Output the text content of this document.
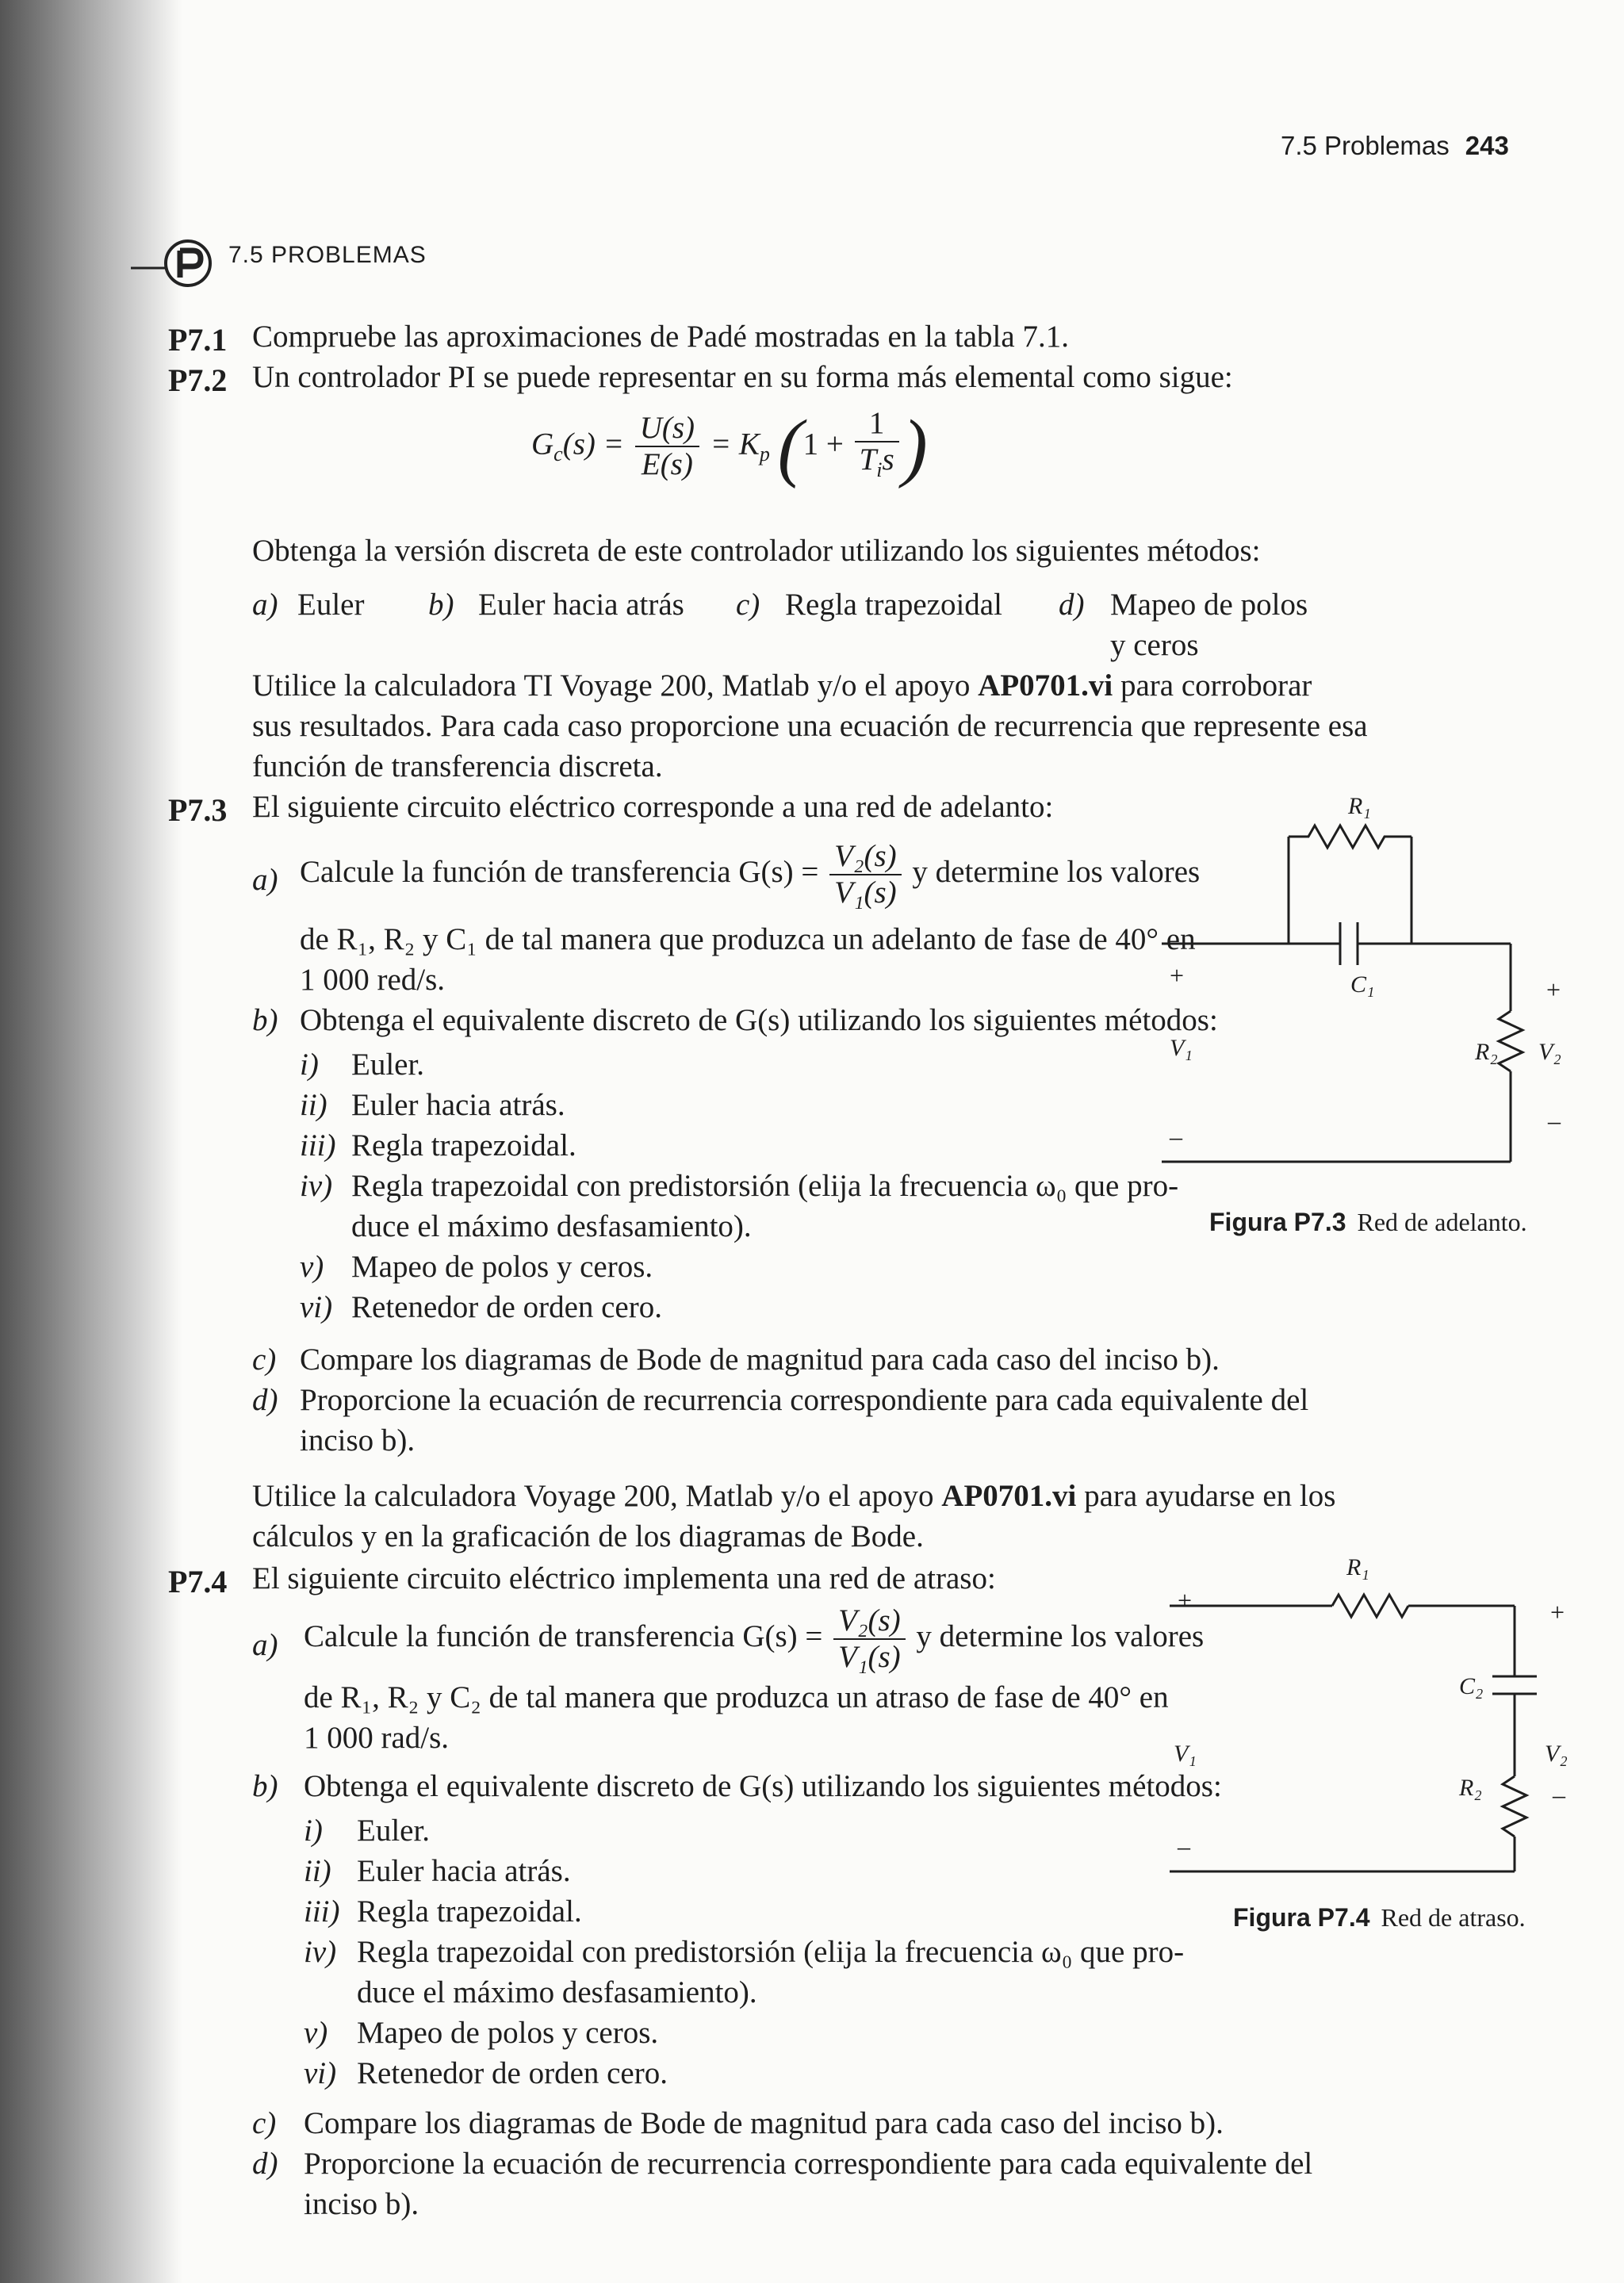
7.5 Problemas 243
7.5 PROBLEMAS
P7.1 Compruebe las aproximaciones de Padé mostradas en la tabla 7.1.
P7.2 Un controlador PI se puede representar en su forma más elemental como sigue:
$G_c(s) = \frac{U(s)}{E(s)} = K_p$ ($1 + \frac{1}{T_is}$ )
Obtenga la versión discreta de este controlador utilizando los siguientes métodos:
a) Euler b) Euler hacia atrás c) Regla trapezoidal d) Mapeo de polos
y ceros
Utilice la calculadora TI Voyage 200, Matlab y/o el apoyo AP0701.vi para corroborar
sus resultados. Para cada caso proporcione una ecuación de recurrencia que represente esa
función de transferencia discreta.
P7.3 El siguiente circuito eléctrico corresponde a una red de adelanto:
a) Calcule la función de transferencia $G(s) = \frac{\text{V₂(s)}}{\text{V₁(s)}}$ y determine los valores
de R₁, R₂ y C₁ de tal manera que produzca un adelanto de fase de 40° en
1 000 red/s.
b) Obtenga el equivalente discreto de G(s) utilizando los siguientes métodos:
i) Euler.
ii) Euler hacia atrás.
iii) Regla trapezoidal.
iv) Regla trapezoidal con predistorsión (elija la frecuencia ω₀ que pro-
duce el máximo desfasamiento).
v) Mapeo de polos y ceros.
vi) Retenedor de orden cero.
c) Compare los diagramas de Bode de magnitud para cada caso del inciso b).
d) Proporcione la ecuación de recurrencia correspondiente para cada equivalente del
inciso b).
Utilice la calculadora Voyage 200, Matlab y/o el apoyo AP0701.vi para ayudarse en los
cálculos y en la graficación de los diagramas de Bode.
R₁
C₁
+
V₁
–
R₂
+
V₂
–
Figura P7.3 Red de adelanto.
P7.4 El siguiente circuito eléctrico implementa una red de atraso:
a) Calcule la función de transferencia $G(s) = \frac{\text{V₂(s)}}{\text{V₁(s)}}$ y determine los valores
de R₁, R₂ y C₂ de tal manera que produzca un atraso de fase de 40° en
1 000 rad/s.
b) Obtenga el equivalente discreto de G(s) utilizando los siguientes métodos:
i) Euler.
ii) Euler hacia atrás.
iii) Regla trapezoidal.
iv) Regla trapezoidal con predistorsión (elija la frecuencia ω₀ que pro-
duce el máximo desfasamiento).
v) Mapeo de polos y ceros.
vi) Retenedor de orden cero.
c) Compare los diagramas de Bode de magnitud para cada caso del inciso b).
d) Proporcione la ecuación de recurrencia correspondiente para cada equivalente del
inciso b).
R₁
+	+
C₂
V₁	V₂
R₂	–
–
Figura P7.4 Red de atraso.
